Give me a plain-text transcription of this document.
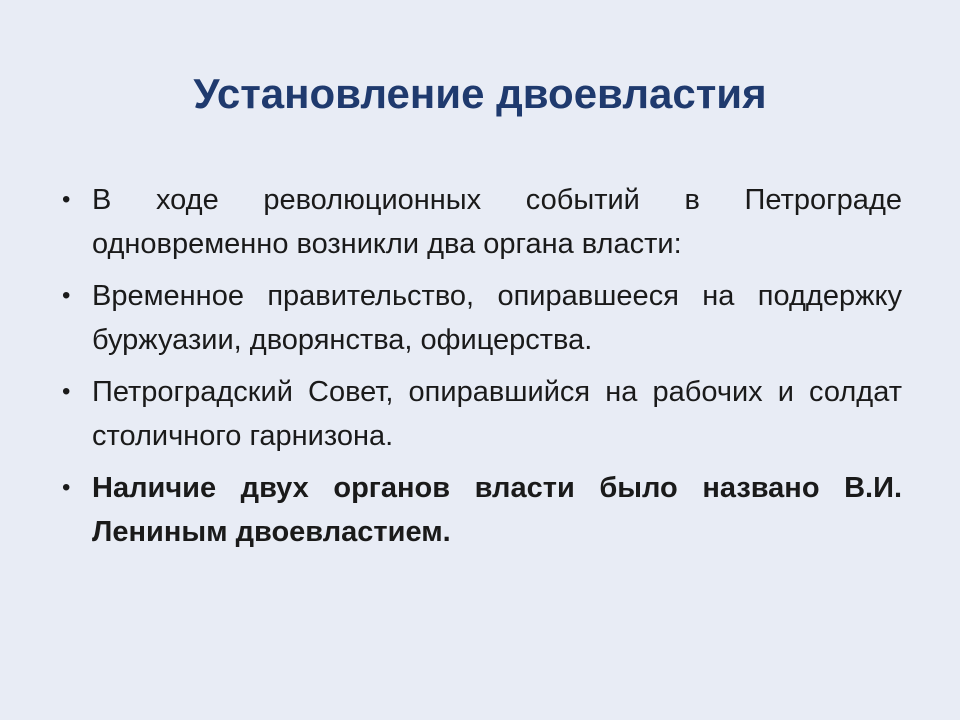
Установление двоевластия
• В ходе революционных событий в Петрограде одновременно возникли два органа власти:
• Временное правительство, опиравшееся на поддержку буржуазии, дворянства, офицерства.
• Петроградский Совет, опиравшийся на рабочих и солдат столичного гарнизона.
• Наличие двух органов власти было названо В.И. Лениным двоевластием.
